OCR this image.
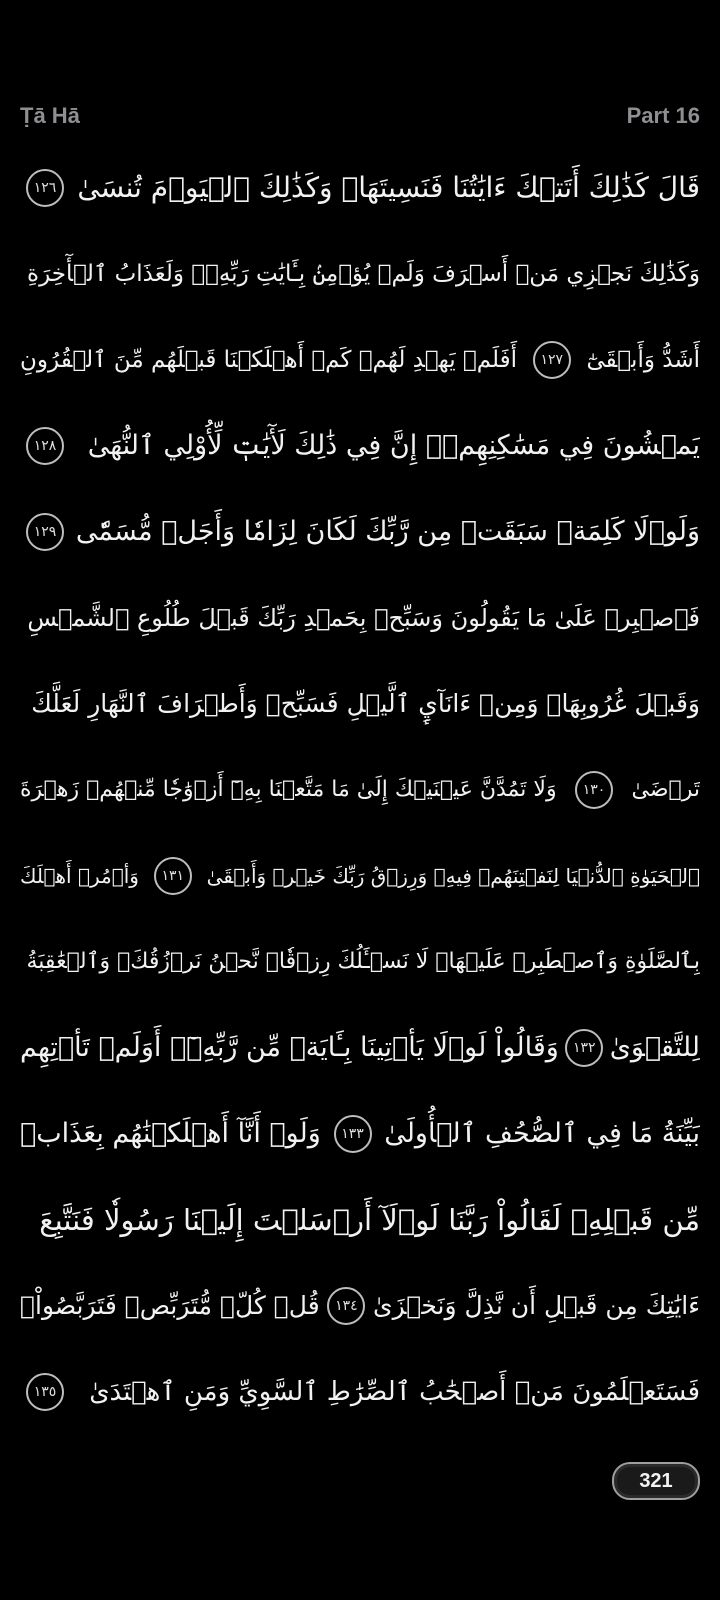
Ṭā Hā	Part 16
قَالَ كَذَٰلِكَ أَتَتۡكَ ءَايَٰتُنَا فَنَسِيتَهَاۖ وَكَذَٰلِكَ ٱلۡيَوۡمَ تُنسَىٰ
١٢٦
وَكَذَٰلِكَ نَجۡزِي مَنۡ أَسۡرَفَ وَلَمۡ يُؤۡمِنۢ بِـَٔايَٰتِ رَبِّهِۦۚ وَلَعَذَابُ ٱلۡأٓخِرَةِ
أَشَدُّ وَأَبۡقَىٰٓ
١٢٧
أَفَلَمۡ يَهۡدِ لَهُمۡ كَمۡ أَهۡلَكۡنَا قَبۡلَهُم مِّنَ ٱلۡقُرُونِ
يَمۡشُونَ فِي مَسَٰكِنِهِمۡۚ إِنَّ فِي ذَٰلِكَ لَأٓيَٰتٖ لِّأُوْلِي ٱلنُّهَىٰ
١٢٨
وَلَوۡلَا كَلِمَةٞ سَبَقَتۡ مِن رَّبِّكَ لَكَانَ لِزَامٗا وَأَجَلٞ مُّسَمّٗى
١٢٩
فَٱصۡبِرۡ عَلَىٰ مَا يَقُولُونَ وَسَبِّحۡ بِحَمۡدِ رَبِّكَ قَبۡلَ طُلُوعِ ٱلشَّمۡسِ
وَقَبۡلَ غُرُوبِهَاۖ وَمِنۡ ءَانَآيِٕ ٱلَّيۡلِ فَسَبِّحۡ وَأَطۡرَافَ ٱلنَّهَارِ لَعَلَّكَ
تَرۡضَىٰ
١٣٠
وَلَا تَمُدَّنَّ عَيۡنَيۡكَ إِلَىٰ مَا مَتَّعۡنَا بِهِۦٓ أَزۡوَٰجٗا مِّنۡهُمۡ زَهۡرَةَ
ٱلۡحَيَوٰةِ ٱلدُّنۡيَا لِنَفۡتِنَهُمۡ فِيهِۚ وَرِزۡقُ رَبِّكَ خَيۡرٞ وَأَبۡقَىٰ
١٣١
وَأۡمُرۡ أَهۡلَكَ
بِٱلصَّلَوٰةِ وَٱصۡطَبِرۡ عَلَيۡهَاۖ لَا نَسۡـَٔلُكَ رِزۡقٗاۖ نَّحۡنُ نَرۡزُقُكَۗ وَٱلۡعَٰقِبَةُ
لِلتَّقۡوَىٰ
١٣٢
وَقَالُواْ لَوۡلَا يَأۡتِينَا بِـَٔايَةٖ مِّن رَّبِّهِۦٓۚ أَوَلَمۡ تَأۡتِهِم
بَيِّنَةُ مَا فِي ٱلصُّحُفِ ٱلۡأُولَىٰ
١٣٣
وَلَوۡ أَنَّآ أَهۡلَكۡنَٰهُم بِعَذَابٖ
مِّن قَبۡلِهِۦ لَقَالُواْ رَبَّنَا لَوۡلَآ أَرۡسَلۡتَ إِلَيۡنَا رَسُولٗا فَنَتَّبِعَ
ءَايَٰتِكَ مِن قَبۡلِ أَن نَّذِلَّ وَنَخۡزَىٰ
١٣٤
قُلۡ كُلّٞ مُّتَرَبِّصٞ فَتَرَبَّصُواْۖ
فَسَتَعۡلَمُونَ مَنۡ أَصۡحَٰبُ ٱلصِّرَٰطِ ٱلسَّوِيِّ وَمَنِ ٱهۡتَدَىٰ
١٣٥
321
